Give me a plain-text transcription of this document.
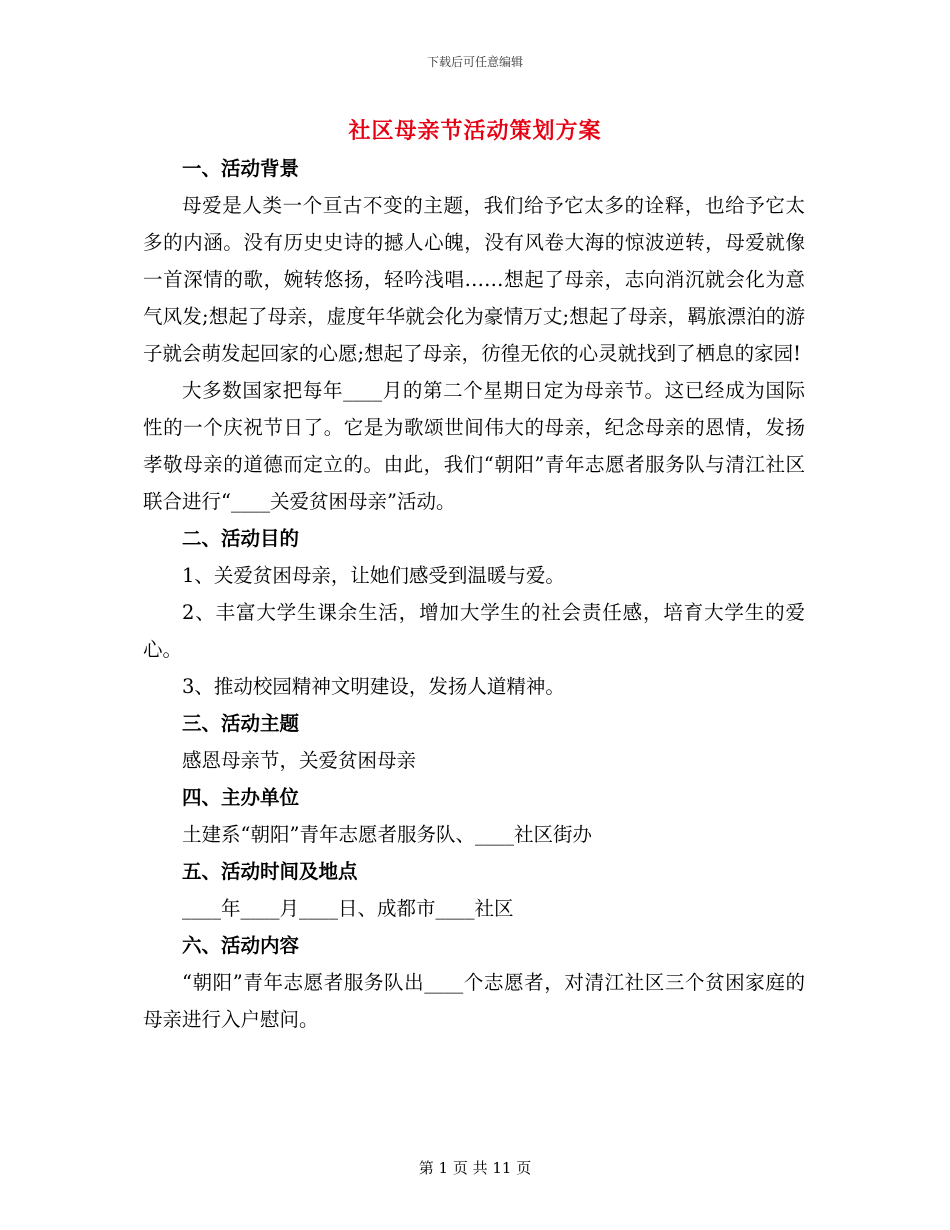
下载后可任意编辑
社区母亲节活动策划方案
一、活动背景

母爱是人类一个亘古不变的主题，我们给予它太多的诠释，也给予它太多的内涵。没有历史史诗的撼人心魄，没有风卷大海的惊波逆转，母爱就像一首深情的歌，婉转悠扬，轻吟浅唱……想起了母亲，志向消沉就会化为意气风发;想起了母亲，虚度年华就会化为豪情万丈;想起了母亲，羁旅漂泊的游子就会萌发起回家的心愿;想起了母亲，彷徨无依的心灵就找到了栖息的家园!

大多数国家把每年____月的第二个星期日定为母亲节。这已经成为国际性的一个庆祝节日了。它是为歌颂世间伟大的母亲，纪念母亲的恩情，发扬孝敬母亲的道德而定立的。由此，我们“朝阳”青年志愿者服务队与清江社区联合进行“____关爱贫困母亲”活动。

二、活动目的

1、关爱贫困母亲，让她们感受到温暖与爱。

2、丰富大学生课余生活，增加大学生的社会责任感，培育大学生的爱心。

3、推动校园精神文明建设，发扬人道精神。

三、活动主题

感恩母亲节，关爱贫困母亲

四、主办单位

土建系“朝阳”青年志愿者服务队、____社区街办

五、活动时间及地点

____年____月____日、成都市____社区

六、活动内容

“朝阳”青年志愿者服务队出____个志愿者，对清江社区三个贫困家庭的母亲进行入户慰问。

第 1 页 共 11 页
